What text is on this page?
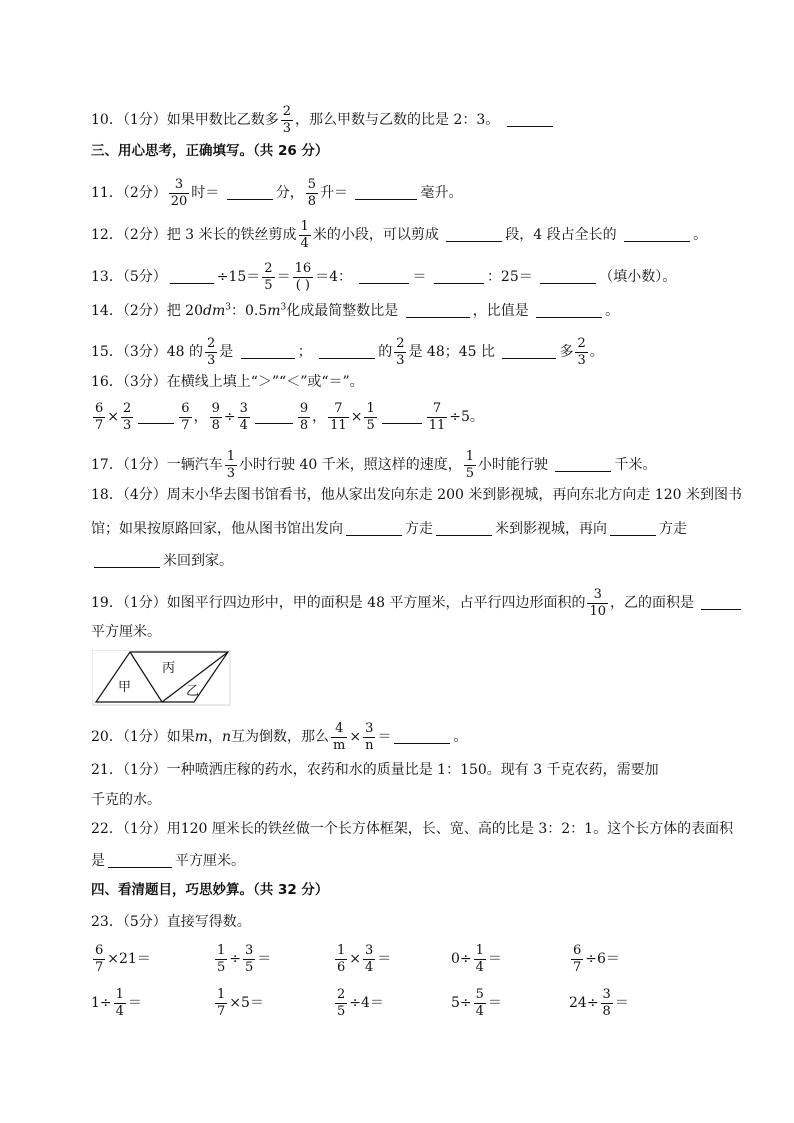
10．（1分）如果甲数比乙数多 $\frac{2}{3}$ ，那么甲数与乙数的比是 2：3。
三、用心思考，正确填写。（共 26 分）
11．（2分） $\frac{3}{20}$ 时＝	分， $\frac{5}{8}$ 升＝	毫升。
12．（2分）把 3 米长的铁丝剪成 $\frac{1}{4}$ 米的小段，可以剪成	段，4 段占全长的	。
13．（5分）	$\div 15= \frac{2}{5} = \frac{16}{( )} =4$：	＝	：25＝	（填小数）。
14．（2分）把 $20dm^3$：$0.5m^3$化成最简整数比是	，比值是	。
15．（3分）48 的 $\frac{2}{3}$ 是	；	的 $\frac{2}{3}$ 是 48；45 比	多 $\frac{2}{3}$ 。
16．（3分）在横线上填上“＞”“＜”或“＝”。
$\frac{6}{7} \times \frac{2}{3}$	$\frac{6}{7}$ ， $\frac{9}{8} \div \frac{3}{4}$	$\frac{9}{8}$ ， $\frac{7}{11} \times \frac{1}{5}$	$\frac{7}{11} \div 5$。
17．（1分）一辆汽车 $\frac{1}{3}$ 小时行驶 40 千米，照这样的速度， $\frac{1}{5}$ 小时能行驶	千米。
18．（4分）周末小华去图书馆看书，他从家出发向东走 200 米到影视城，再向东北方向走 120 米到图书
馆；如果按原路回家，他从图书馆出发向	方走	米到影视城，再向	方走
米回到家。
19．（1分）如图平行四边形中，甲的面积是 48 平方厘米，占平行四边形面积的 $\frac{3}{10}$ ，乙的面积是
平方厘米。
甲
丙
乙
20．（1分）如果m，n互为倒数，那么 $\frac{4}{m} \times \frac{3}{n}$ ＝	。
21．（1分）一种喷洒庄稼的药水，农药和水的质量比是 1：150。现有 3 千克农药，需要加
千克的水。
22．（1分）用120 厘米长的铁丝做一个长方体框架，长、宽、高的比是 3：2：1。这个长方体的表面积
是	平方厘米。
四、看清题目，巧思妙算。（共 32 分）
23．（5分）直接写得数。
$\frac{6}{7} \times 21=$	$\frac{1}{5} \div \frac{3}{5}$ ＝	$\frac{1}{6} \times \frac{3}{4}$ ＝	$0\div \frac{1}{4}$ ＝	$\frac{6}{7} \div 6=$
$1\div \frac{1}{4}$ ＝	$\frac{1}{7} \times 5=$	$\frac{2}{5} \div 4=$	$5\div \frac{5}{4}$ ＝	$24\div \frac{3}{8}$ ＝
